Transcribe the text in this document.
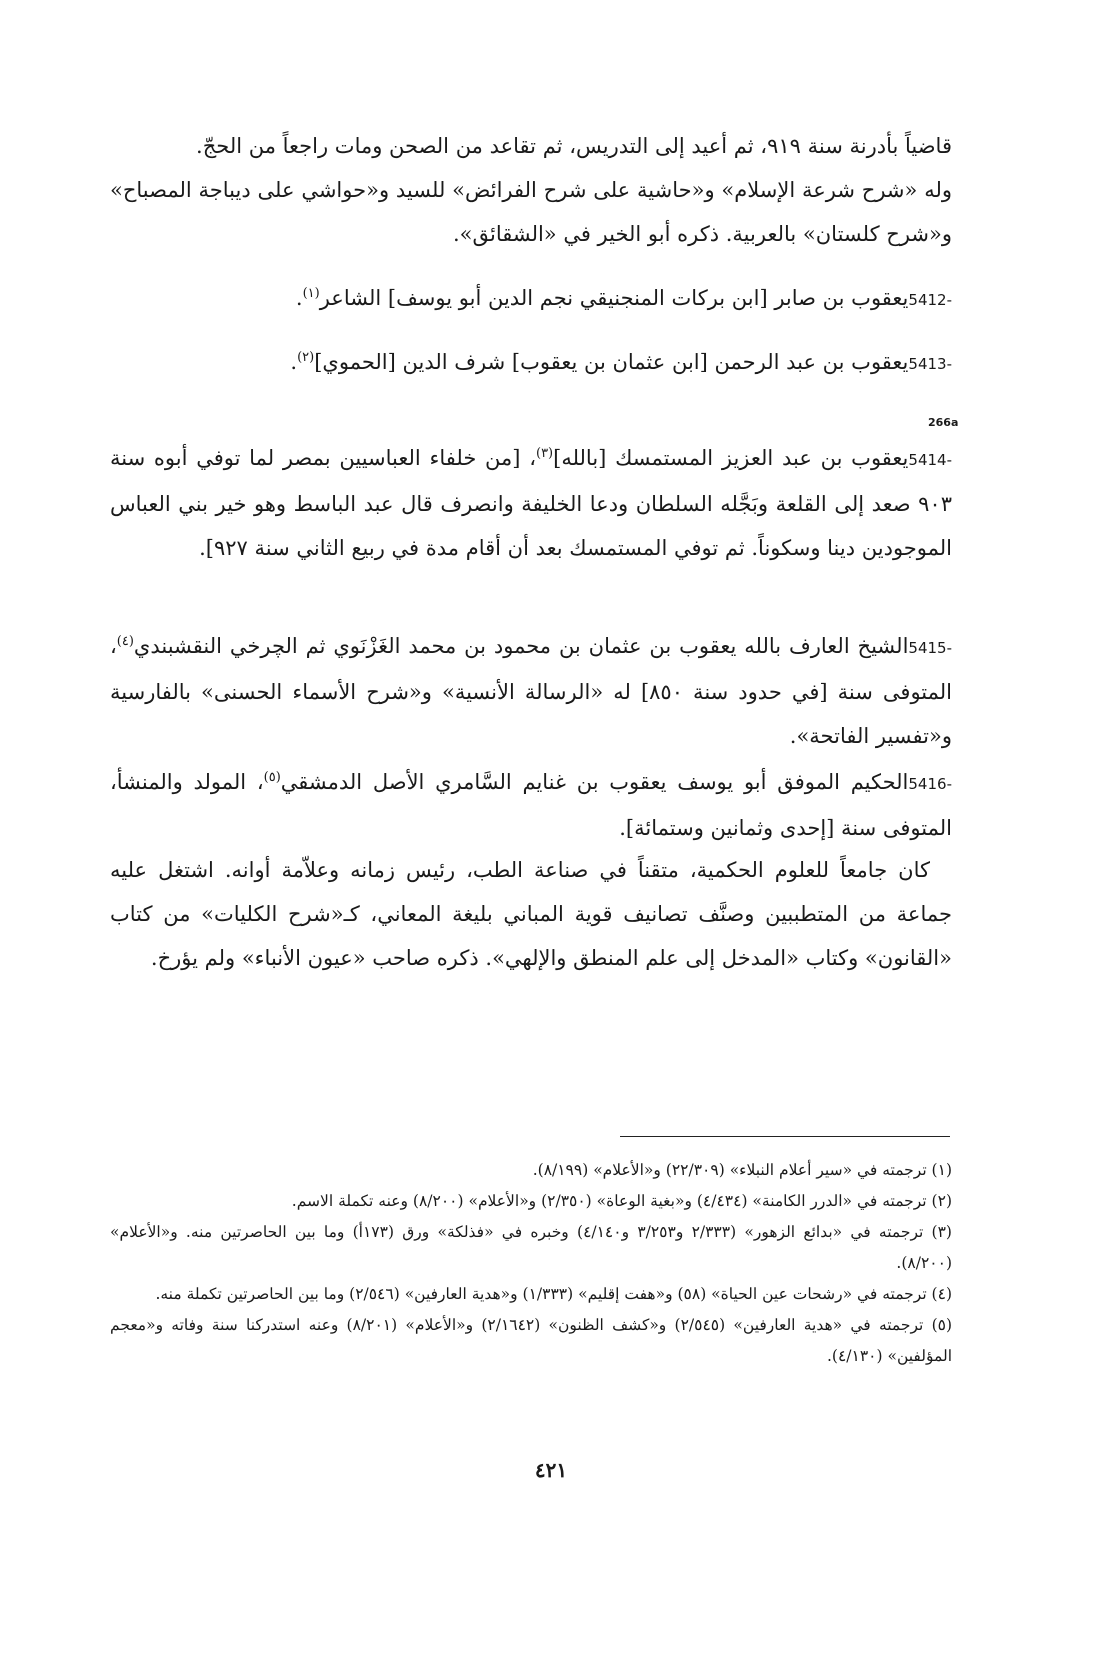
قاضياً بأدرنة سنة ٩١٩، ثم أعيد إلى التدريس، ثم تقاعد من الصحن ومات راجعاً من الحجّ.

وله «شرح شرعة الإسلام» و«حاشية على شرح الفرائض» للسيد و«حواشي على ديباجة المصباح» و«شرح كلستان» بالعربية. ذكره أبو الخير في «الشقائق».

5412-يعقوب بن صابر [ابن بركات المنجنيقي نجم الدين أبو يوسف] الشاعر$^{(١)}$.

5413-يعقوب بن عبد الرحمن [ابن عثمان بن يعقوب] شرف الدين [الحموي]$^{(٢)}$.

266a

5414-يعقوب بن عبد العزيز المستمسك [بالله]$^{(٣)}$، [من خلفاء العباسيين بمصر لما توفي أبوه سنة ٩٠٣ صعد إلى القلعة وبَجَّله السلطان ودعا الخليفة وانصرف قال عبد الباسط وهو خير بني العباس الموجودين دينا وسكوناً. ثم توفي المستمسك بعد أن أقام مدة في ربيع الثاني سنة ٩٢٧].

5415-الشيخ العارف بالله يعقوب بن عثمان بن محمود بن محمد الغَزْنَوي ثم الچرخي النقشبندي$^{(٤)}$، المتوفى سنة [في حدود سنة ٨٥٠] له «الرسالة الأنسية» و«شرح الأسماء الحسنى» بالفارسية و«تفسير الفاتحة».

5416-الحكيم الموفق أبو يوسف يعقوب بن غنايم السَّامري الأصل الدمشقي$^{(٥)}$، المولد والمنشأ، المتوفى سنة [إحدى وثمانين وستمائة].

كان جامعاً للعلوم الحكمية، متقناً في صناعة الطب، رئيس زمانه وعلاّمة أوانه. اشتغل عليه جماعة من المتطببين وصنَّف تصانيف قوية المباني بليغة المعاني، كـ«شرح الكليات» من كتاب «القانون» وكتاب «المدخل إلى علم المنطق والإلهي». ذكره صاحب «عيون الأنباء» ولم يؤرخ.

(١) ترجمته في «سير أعلام النبلاء» (٢٢/٣٠٩) و«الأعلام» (٨/١٩٩).

(٢) ترجمته في «الدرر الكامنة» (٤/٤٣٤) و«بغية الوعاة» (٢/٣٥٠) و«الأعلام» (٨/٢٠٠) وعنه تكملة الاسم.

(٣) ترجمته في «بدائع الزهور» (٢/٣٣٣ و٣/٢٥٣ و٤/١٤٠) وخبره في «فذلكة» ورق (١٧٣أ) وما بين الحاصرتين منه. و«الأعلام» (٨/٢٠٠).

(٤) ترجمته في «رشحات عين الحياة» (٥٨) و«هفت إقليم» (١/٣٣٣) و«هدية العارفين» (٢/٥٤٦) وما بين الحاصرتين تكملة منه.

(٥) ترجمته في «هدية العارفين» (٢/٥٤٥) و«كشف الظنون» (٢/١٦٤٢) و«الأعلام» (٨/٢٠١) وعنه استدركنا سنة وفاته و«معجم المؤلفين» (٤/١٣٠).

٤٢١
